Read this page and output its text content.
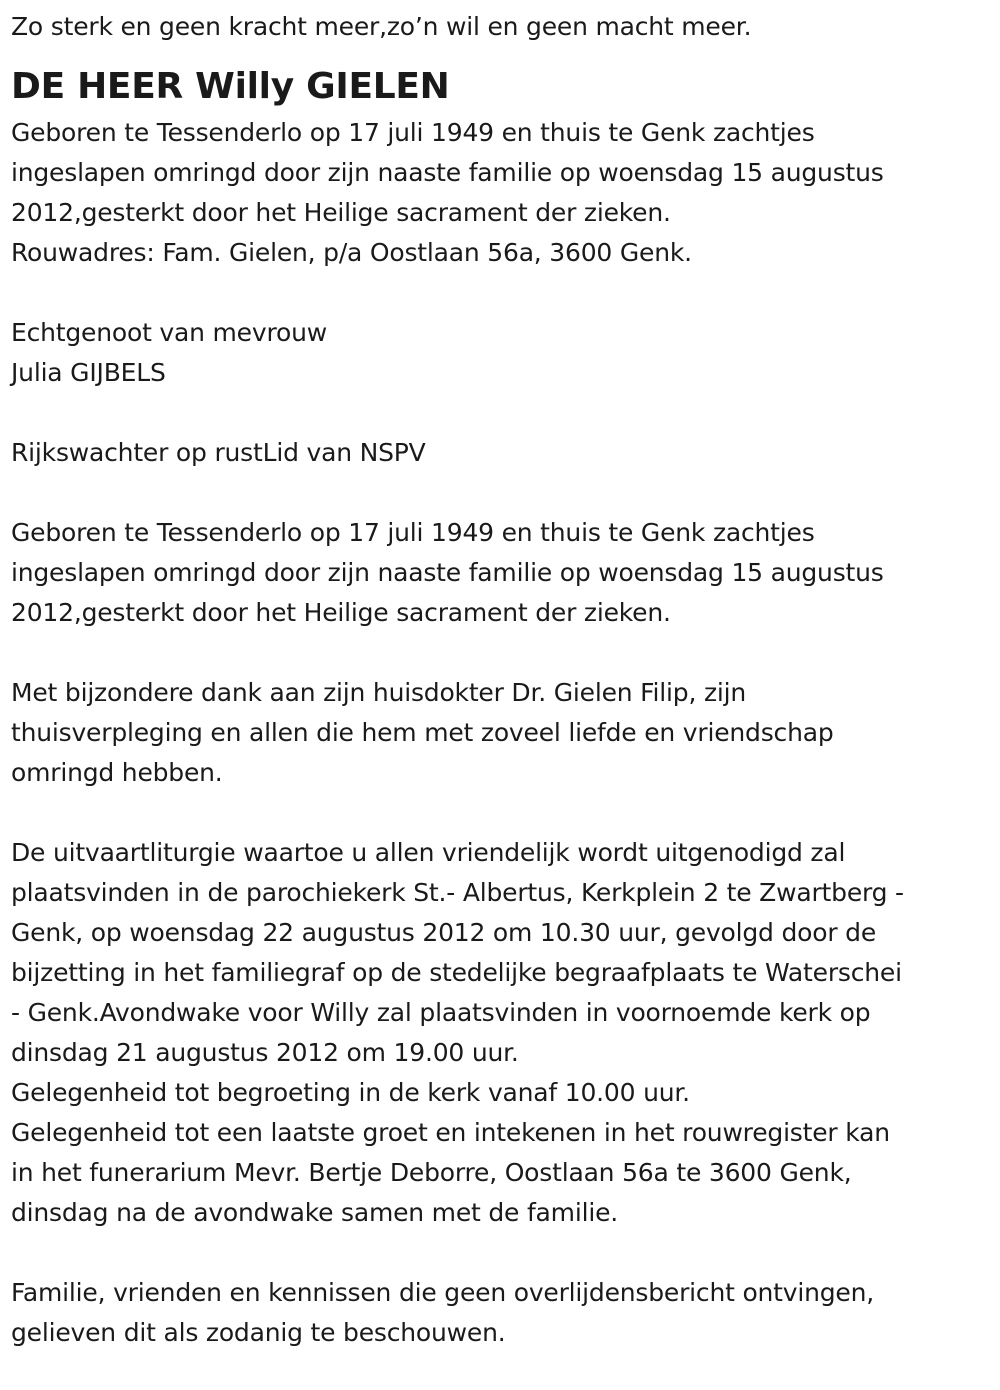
Zo sterk en geen kracht meer,zo’n wil en geen macht meer.
DE HEER Willy GIELEN
Geboren te Tessenderlo op 17 juli 1949 en thuis te Genk zachtjes
ingeslapen omringd door zijn naaste familie op woensdag 15 augustus
2012,gesterkt door het Heilige sacrament der zieken.
Rouwadres: Fam. Gielen, p/a Oostlaan 56a, 3600 Genk.
Echtgenoot van mevrouw
Julia GIJBELS
Rijkswachter op rustLid van NSPV
Geboren te Tessenderlo op 17 juli 1949 en thuis te Genk zachtjes
ingeslapen omringd door zijn naaste familie op woensdag 15 augustus
2012,gesterkt door het Heilige sacrament der zieken.
Met bijzondere dank aan zijn huisdokter Dr. Gielen Filip, zijn
thuisverpleging en allen die hem met zoveel liefde en vriendschap
omringd hebben.
De uitvaartliturgie waartoe u allen vriendelijk wordt uitgenodigd zal
plaatsvinden in de parochiekerk St.- Albertus, Kerkplein 2 te Zwartberg -
Genk, op woensdag 22 augustus 2012 om 10.30 uur, gevolgd door de
bijzetting in het familiegraf op de stedelijke begraafplaats te Waterschei
- Genk.Avondwake voor Willy zal plaatsvinden in voornoemde kerk op
dinsdag 21 augustus 2012 om 19.00 uur.
Gelegenheid tot begroeting in de kerk vanaf 10.00 uur.
Gelegenheid tot een laatste groet en intekenen in het rouwregister kan
in het funerarium Mevr. Bertje Deborre, Oostlaan 56a te 3600 Genk,
dinsdag na de avondwake samen met de familie.
Familie, vrienden en kennissen die geen overlijdensbericht ontvingen,
gelieven dit als zodanig te beschouwen.
